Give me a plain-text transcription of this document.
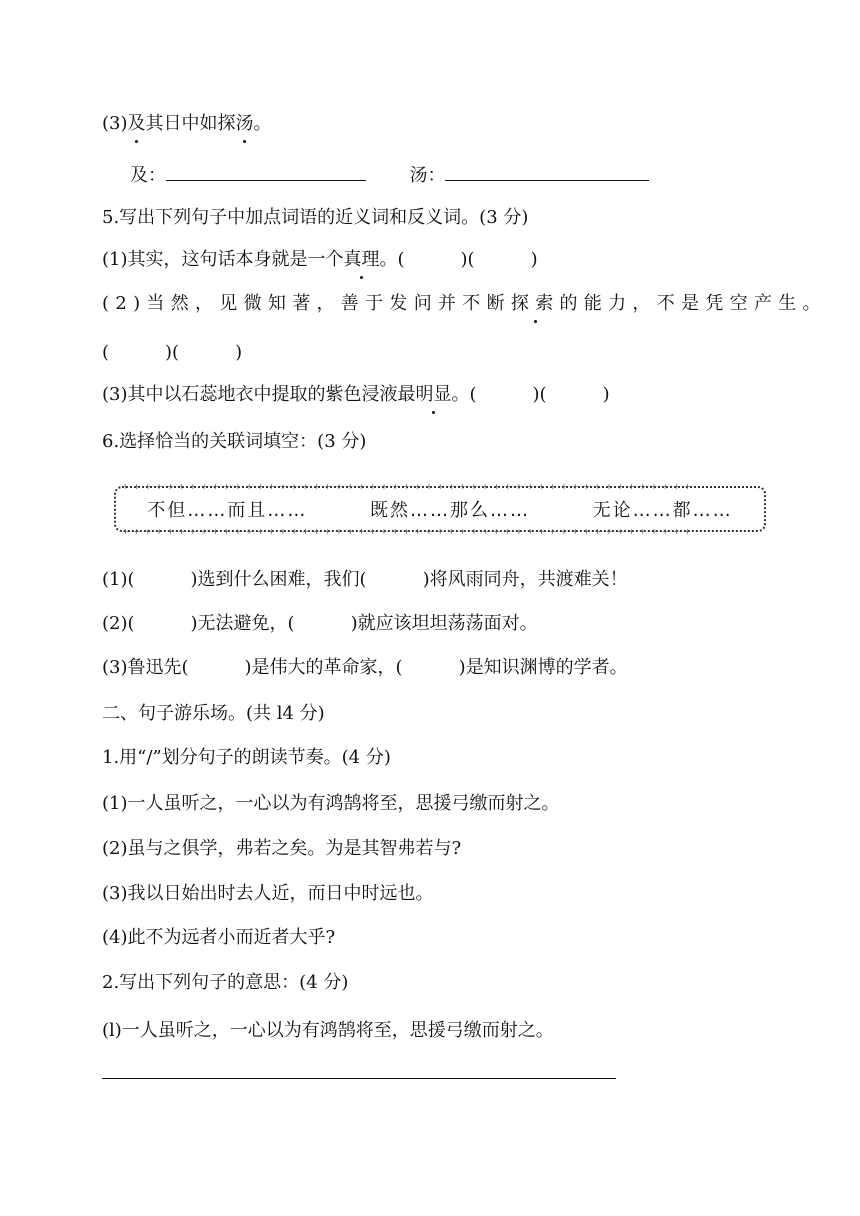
(3)及其日中如探汤。
及：	汤：
5.写出下列句子中加点词语的近义词和反义词。(3 分)
(1)其实，这句话本身就是一个真理。(	)(	)
(2)当然，见微知著，善于发问并不断探索的能力，不是凭空产生。
(	)(	)
(3)其中以石蕊地衣中提取的紫色浸液最明显。(	)(	)
6.选择恰当的关联词填空：(3 分)
+ + + + + + + + + + + + + + + + + + + + + + + + + + + + + + + + + + + + + + + + + + + + + + + + + + + 不但……而且……	既然……那么……	无论……都……
+ + + + + + + + + + + + + + + + + + + + + + + + + + + + + + + + + + + + + + + + + + + + + + + + + + +
(1)(	)选到什么困难，我们(	)将风雨同舟，共渡难关！
(2)(	)无法避免，(	)就应该坦坦荡荡面对。
(3)鲁迅先(	)是伟大的革命家，(	)是知识渊博的学者。
二、句子游乐场。(共 l4 分)
1.用“/”划分句子的朗读节奏。(4 分)
(1)一人虽听之，一心以为有鸿鹄将至，思援弓缴而射之。
(2)虽与之俱学，弗若之矣。为是其智弗若与?
(3)我以日始出时去人近，而日中时远也。
(4)此不为远者小而近者大乎?
2.写出下列句子的意思：(4 分)
(l)一人虽听之，一心以为有鸿鹄将至，思援弓缴而射之。
